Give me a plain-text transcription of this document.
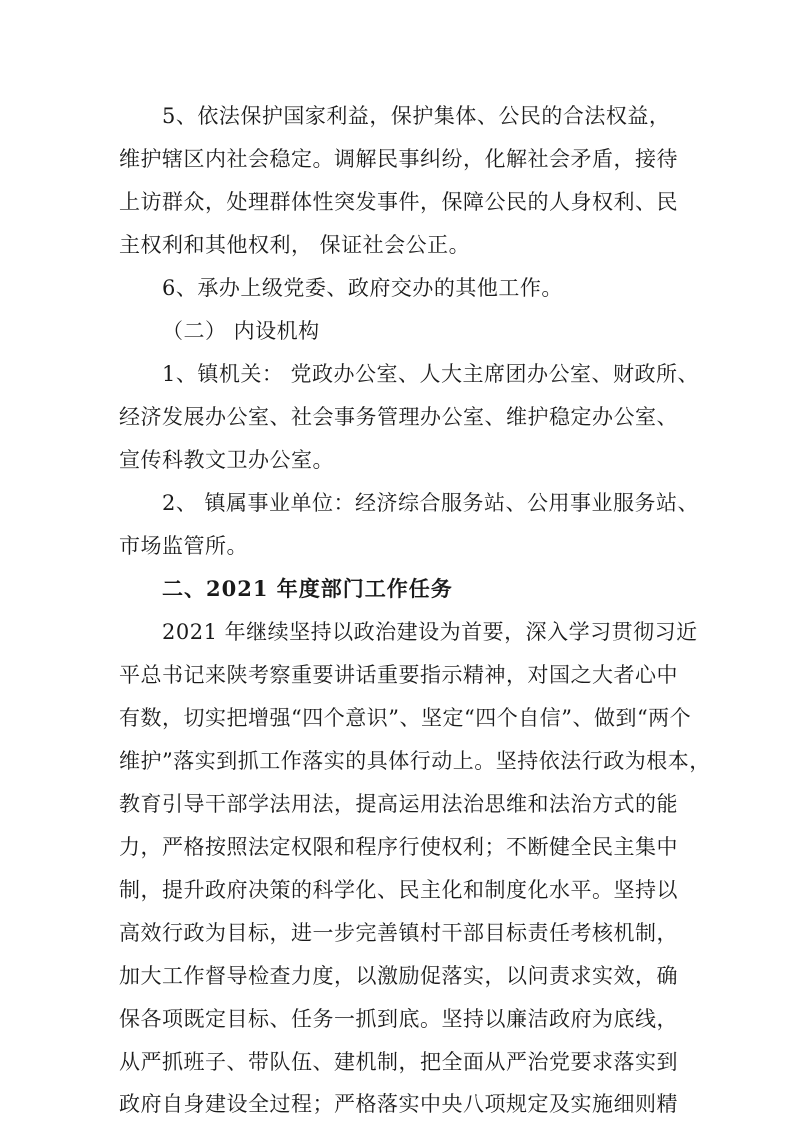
5、依法保护国家利益，保护集体、公民的合法权益，
维护辖区内社会稳定。调解民事纠纷，化解社会矛盾，接待
上访群众，处理群体性突发事件，保障公民的人身权利、民
主权利和其他权利， 保证社会公正。
6、承办上级党委、政府交办的其他工作。
（二） 内设机构
1、镇机关： 党政办公室、人大主席团办公室、财政所、
经济发展办公室、社会事务管理办公室、维护稳定办公室、
宣传科教文卫办公室。
2、 镇属事业单位：经济综合服务站、公用事业服务站、
市场监管所。
二、2021 年度部门工作任务
2021 年继续坚持以政治建设为首要，深入学习贯彻习近
平总书记来陕考察重要讲话重要指示精神，对国之大者心中
有数，切实把增强“四个意识”、坚定“四个自信”、做到“两个
维护”落实到抓工作落实的具体行动上。坚持依法行政为根本，
教育引导干部学法用法，提高运用法治思维和法治方式的能
力，严格按照法定权限和程序行使权利；不断健全民主集中
制，提升政府决策的科学化、民主化和制度化水平。坚持以
高效行政为目标，进一步完善镇村干部目标责任考核机制，
加大工作督导检查力度，以激励促落实，以问责求实效，确
保各项既定目标、任务一抓到底。坚持以廉洁政府为底线，
从严抓班子、带队伍、建机制，把全面从严治党要求落实到
政府自身建设全过程；严格落实中央八项规定及实施细则精
